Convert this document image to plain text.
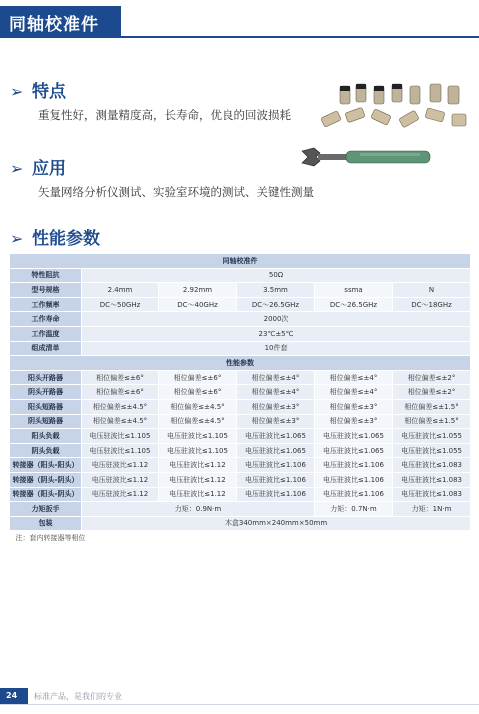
同轴校准件
➢ 特点
重复性好，测量精度高，长寿命，优良的回波损耗
➢ 应用
矢量网络分析仪测试、实验室环境的测试、关键性测量
➢ 性能参数
同轴校准件					
特性阻抗	50Ω				
型号规格	2.4mm	2.92mm	3.5mm	ssma	N
工作频率	DC～50GHz	DC～40GHz	DC～26.5GHz	DC～26.5GHz	DC～18GHz
工作寿命	2000次				
工作温度	23℃±5℃				
组成清单	10件套				
性能参数					
阳头开路器	相位偏差≤±6°	相位偏差≤±6°	相位偏差≤±4°	相位偏差≤±4°	相位偏差≤±2°
阴头开路器	相位偏差≤±6°	相位偏差≤±6°	相位偏差≤±4°	相位偏差≤±4°	相位偏差≤±2°
阳头短路器	相位偏差≤±4.5°	相位偏差≤±4.5°	相位偏差≤±3°	相位偏差≤±3°	相位偏差≤±1.5°
阴头短路器	相位偏差≤±4.5°	相位偏差≤±4.5°	相位偏差≤±3°	相位偏差≤±3°	相位偏差≤±1.5°
阳头负载	电压驻波比≤1.105	电压驻波比≤1.105	电压驻波比≤1.065	电压驻波比≤1.065	电压驻波比≤1.055
阴头负载	电压驻波比≤1.105	电压驻波比≤1.105	电压驻波比≤1.065	电压驻波比≤1.065	电压驻波比≤1.055
转接器（阳头-阳头）	电压驻波比≤1.12	电压驻波比≤1.12	电压驻波比≤1.106	电压驻波比≤1.106	电压驻波比≤1.083
转接器（阴头-阴头）	电压驻波比≤1.12	电压驻波比≤1.12	电压驻波比≤1.106	电压驻波比≤1.106	电压驻波比≤1.083
转接器（阳头-阴头）	电压驻波比≤1.12	电压驻波比≤1.12	电压驻波比≤1.106	电压驻波比≤1.106	电压驻波比≤1.083
力矩扳手	力矩：0.9N·m			力矩：0.7N·m	力矩：1N·m
包装	木盒340mm×240mm×50mm				
注：套内转接器等相位					
24 标准产品，是我们的专业
